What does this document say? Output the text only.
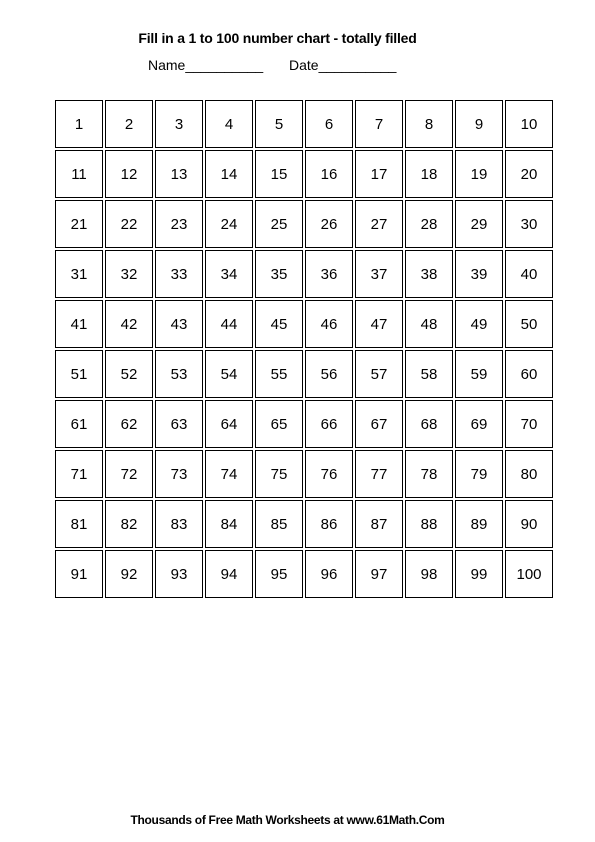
Fill in a 1 to 100 number chart - totally filled
Name__________ Date__________
1	2	3	4	5	6	7	8	9	10
11	12	13	14	15	16	17	18	19	20
21	22	23	24	25	26	27	28	29	30
31	32	33	34	35	36	37	38	39	40
41	42	43	44	45	46	47	48	49	50
51	52	53	54	55	56	57	58	59	60
61	62	63	64	65	66	67	68	69	70
71	72	73	74	75	76	77	78	79	80
81	82	83	84	85	86	87	88	89	90
91	92	93	94	95	96	97	98	99	100
Thousands of Free Math Worksheets at www.61Math.Com
